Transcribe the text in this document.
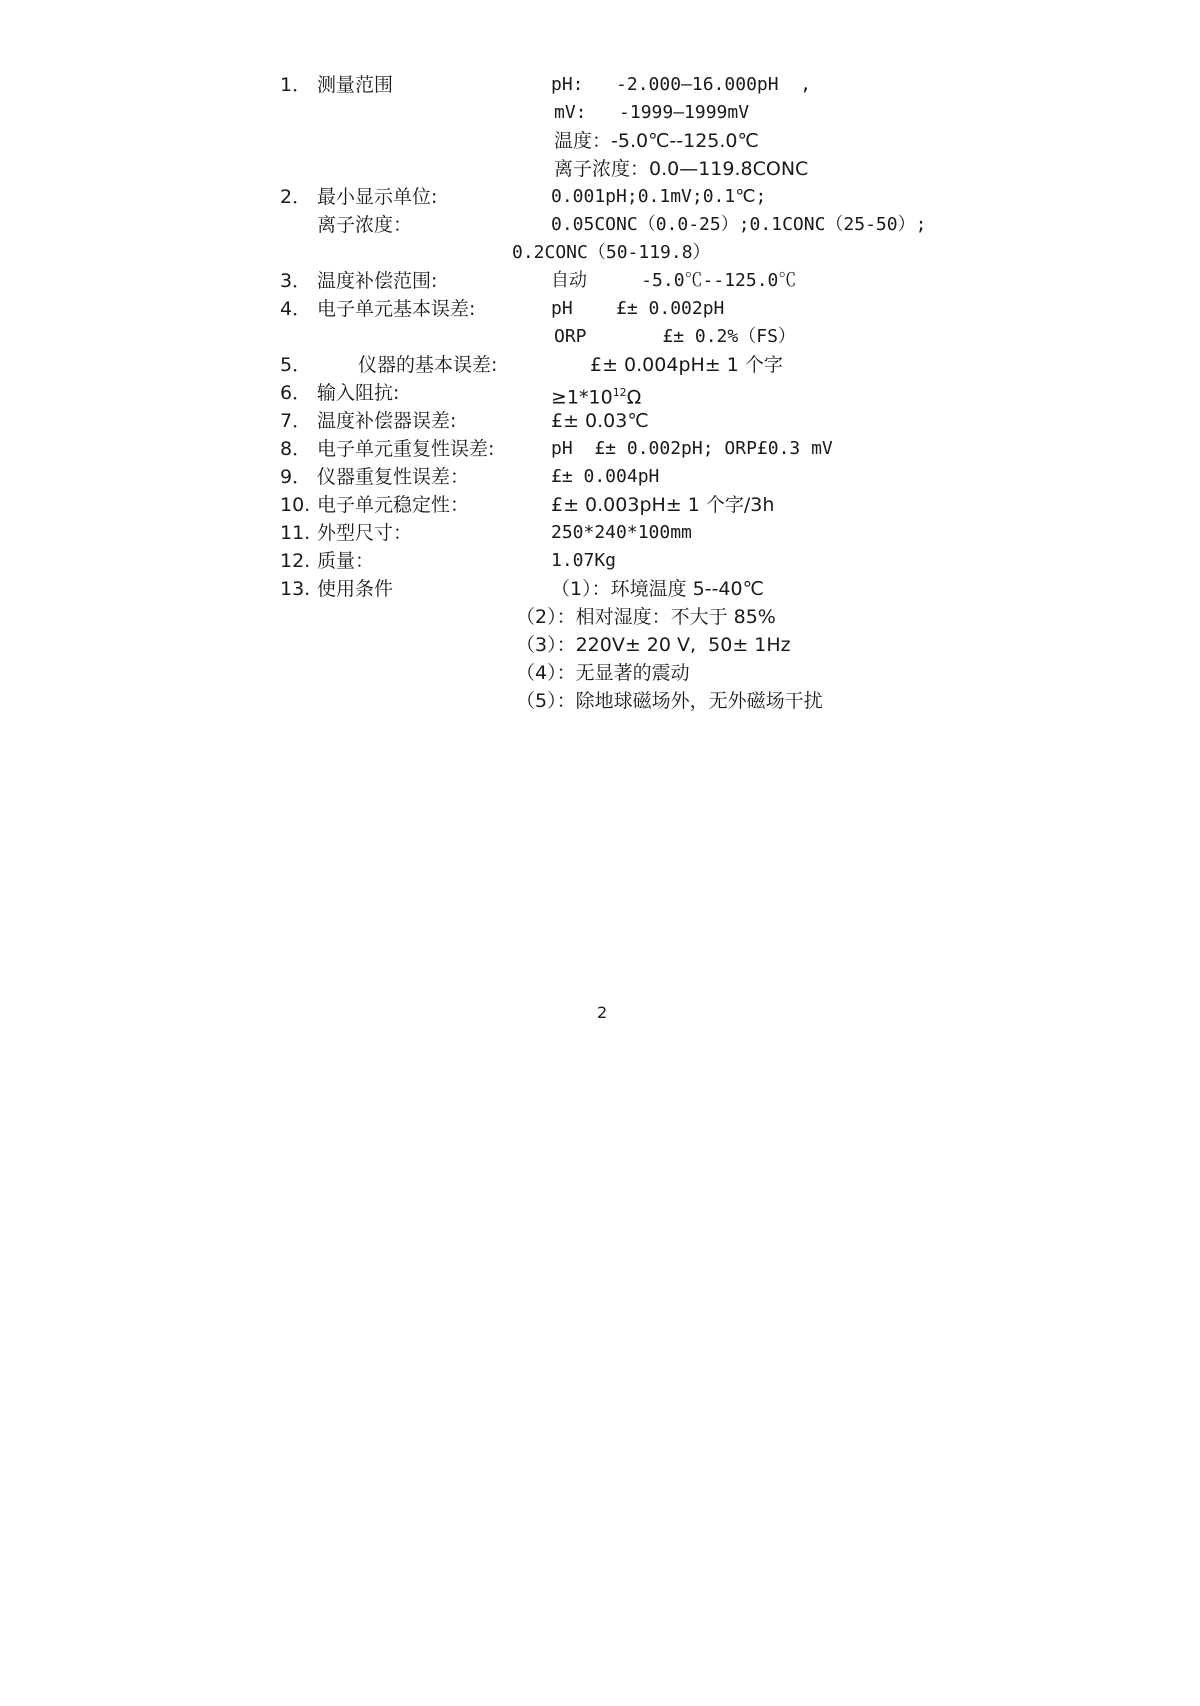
1． 测量范围	pH:   -2.000—16.000pH  ,
mV:   -1999—1999mV
温度：-5.0℃--125.0℃
离子浓度：0.0—119.8CONC
2． 最小显示单位:	0.001pH;0.1mV;0.1℃;
离子浓度：	0.05CONC（0.0-25）;0.1CONC（25-50）;
0.2CONC（50-119.8）
3． 温度补偿范围:	自动     -5.0℃--125.0℃
4． 电子单元基本误差:	pH    £± 0.002pH
ORP       £± 0.2%（FS）
5． 仪器的基本误差:	£± 0.004pH± 1 个字
6． 输入阻抗:	$\ge 1*10^{12}\Omega$
7． 温度补偿器误差:	£± 0.03℃
8． 电子单元重复性误差:	pH  £± 0.002pH; ORP£0.3 mV
9． 仪器重复性误差：	£± 0.004pH
10. 电子单元稳定性：	£± 0.003pH± 1 个字/3h
11. 外型尺寸：	250*240*100mm
12. 质量：	1.07Kg
13. 使用条件	（1）：环境温度 5--40℃
（2）：相对湿度：不大于 85%
（3）：220V± 20 V,  50± 1Hz
（4）：无显著的震动
（5）：除地球磁场外，无外磁场干扰
2
